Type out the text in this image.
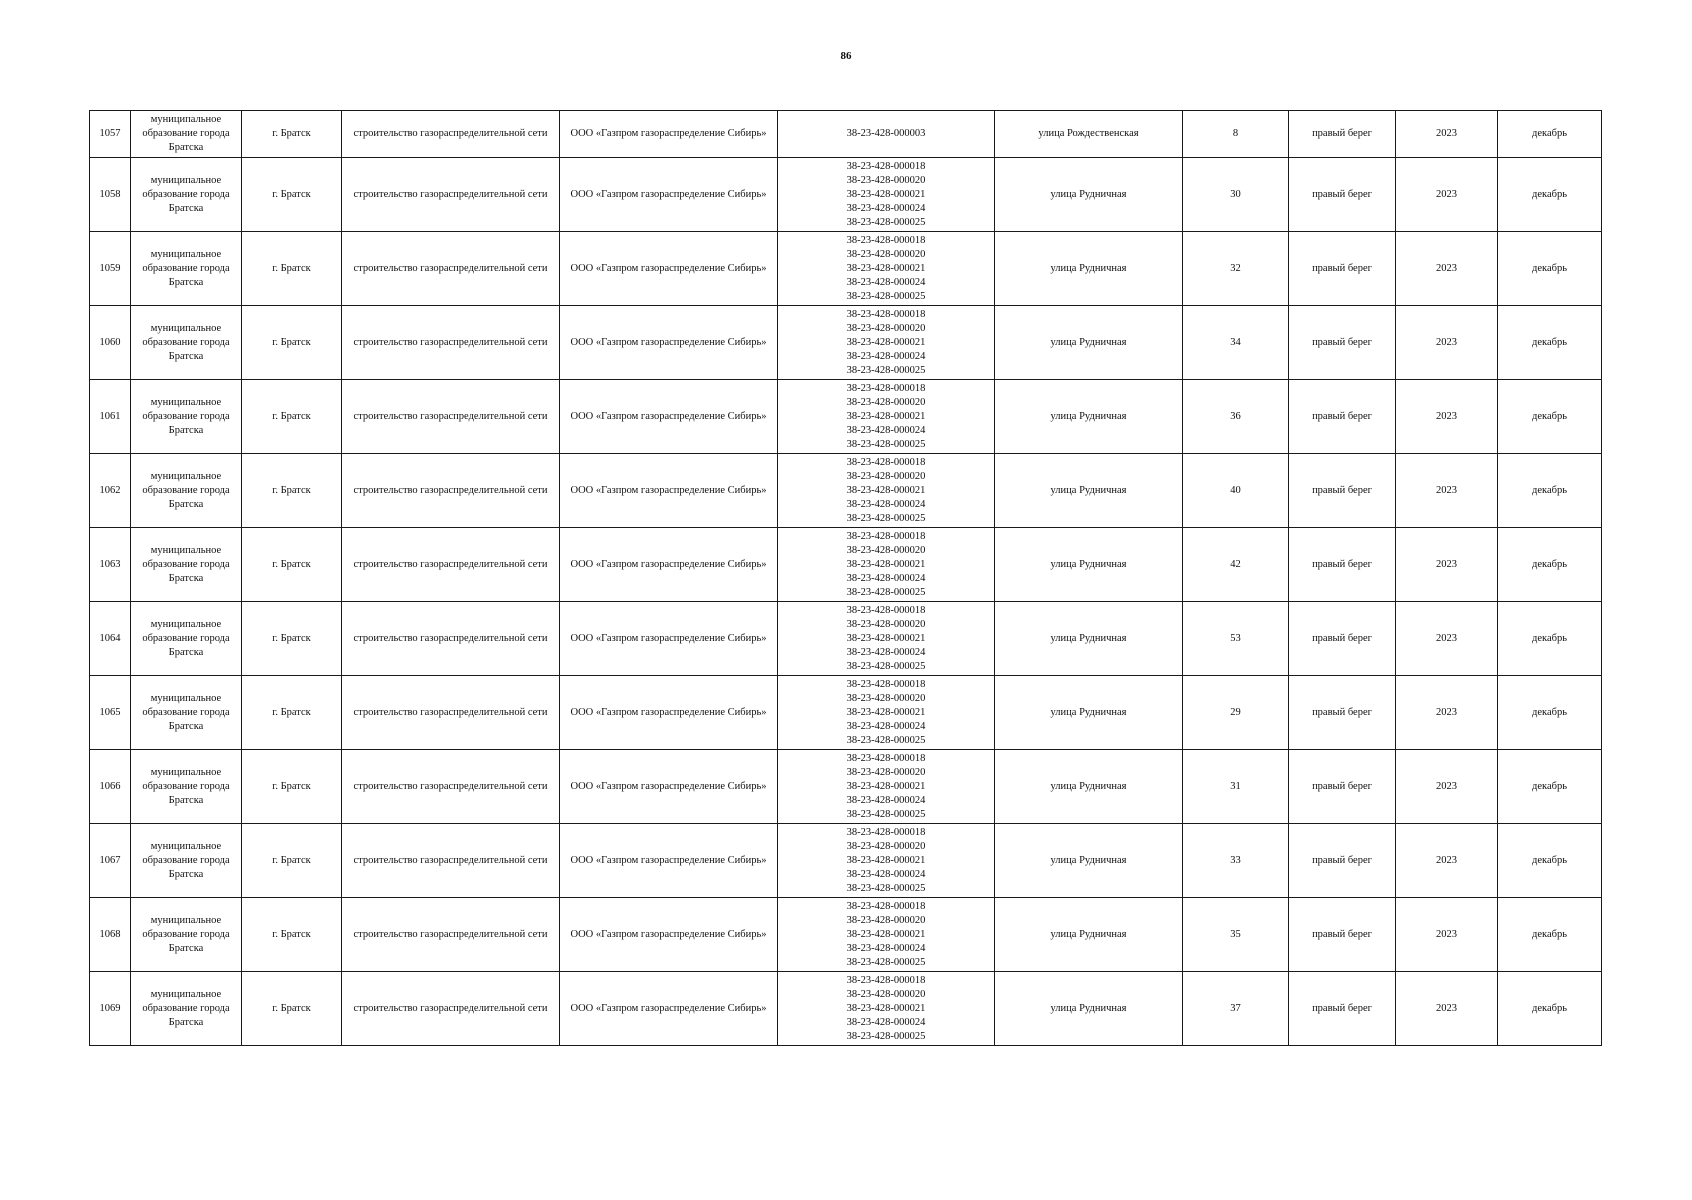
86
1057	муниципальное образование города Братска	г. Братск	строительство газораспределительной сети	ООО «Газпром газораспределение Сибирь»	38-23-428-000003	улица Рождественская	8	правый берег	2023	декабрь
1058	муниципальное образование города Братска	г. Братск	строительство газораспределительной сети	ООО «Газпром газораспределение Сибирь»	38-23-428-000018
38-23-428-000020
38-23-428-000021
38-23-428-000024
38-23-428-000025	улица Рудничная	30	правый берег	2023	декабрь
1059	муниципальное образование города Братска	г. Братск	строительство газораспределительной сети	ООО «Газпром газораспределение Сибирь»	38-23-428-000018
38-23-428-000020
38-23-428-000021
38-23-428-000024
38-23-428-000025	улица Рудничная	32	правый берег	2023	декабрь
1060	муниципальное образование города Братска	г. Братск	строительство газораспределительной сети	ООО «Газпром газораспределение Сибирь»	38-23-428-000018
38-23-428-000020
38-23-428-000021
38-23-428-000024
38-23-428-000025	улица Рудничная	34	правый берег	2023	декабрь
1061	муниципальное образование города Братска	г. Братск	строительство газораспределительной сети	ООО «Газпром газораспределение Сибирь»	38-23-428-000018
38-23-428-000020
38-23-428-000021
38-23-428-000024
38-23-428-000025	улица Рудничная	36	правый берег	2023	декабрь
1062	муниципальное образование города Братска	г. Братск	строительство газораспределительной сети	ООО «Газпром газораспределение Сибирь»	38-23-428-000018
38-23-428-000020
38-23-428-000021
38-23-428-000024
38-23-428-000025	улица Рудничная	40	правый берег	2023	декабрь
1063	муниципальное образование города Братска	г. Братск	строительство газораспределительной сети	ООО «Газпром газораспределение Сибирь»	38-23-428-000018
38-23-428-000020
38-23-428-000021
38-23-428-000024
38-23-428-000025	улица Рудничная	42	правый берег	2023	декабрь
1064	муниципальное образование города Братска	г. Братск	строительство газораспределительной сети	ООО «Газпром газораспределение Сибирь»	38-23-428-000018
38-23-428-000020
38-23-428-000021
38-23-428-000024
38-23-428-000025	улица Рудничная	53	правый берег	2023	декабрь
1065	муниципальное образование города Братска	г. Братск	строительство газораспределительной сети	ООО «Газпром газораспределение Сибирь»	38-23-428-000018
38-23-428-000020
38-23-428-000021
38-23-428-000024
38-23-428-000025	улица Рудничная	29	правый берег	2023	декабрь
1066	муниципальное образование города Братска	г. Братск	строительство газораспределительной сети	ООО «Газпром газораспределение Сибирь»	38-23-428-000018
38-23-428-000020
38-23-428-000021
38-23-428-000024
38-23-428-000025	улица Рудничная	31	правый берег	2023	декабрь
1067	муниципальное образование города Братска	г. Братск	строительство газораспределительной сети	ООО «Газпром газораспределение Сибирь»	38-23-428-000018
38-23-428-000020
38-23-428-000021
38-23-428-000024
38-23-428-000025	улица Рудничная	33	правый берег	2023	декабрь
1068	муниципальное образование города Братска	г. Братск	строительство газораспределительной сети	ООО «Газпром газораспределение Сибирь»	38-23-428-000018
38-23-428-000020
38-23-428-000021
38-23-428-000024
38-23-428-000025	улица Рудничная	35	правый берег	2023	декабрь
1069	муниципальное образование города Братска	г. Братск	строительство газораспределительной сети	ООО «Газпром газораспределение Сибирь»	38-23-428-000018
38-23-428-000020
38-23-428-000021
38-23-428-000024
38-23-428-000025	улица Рудничная	37	правый берег	2023	декабрь
